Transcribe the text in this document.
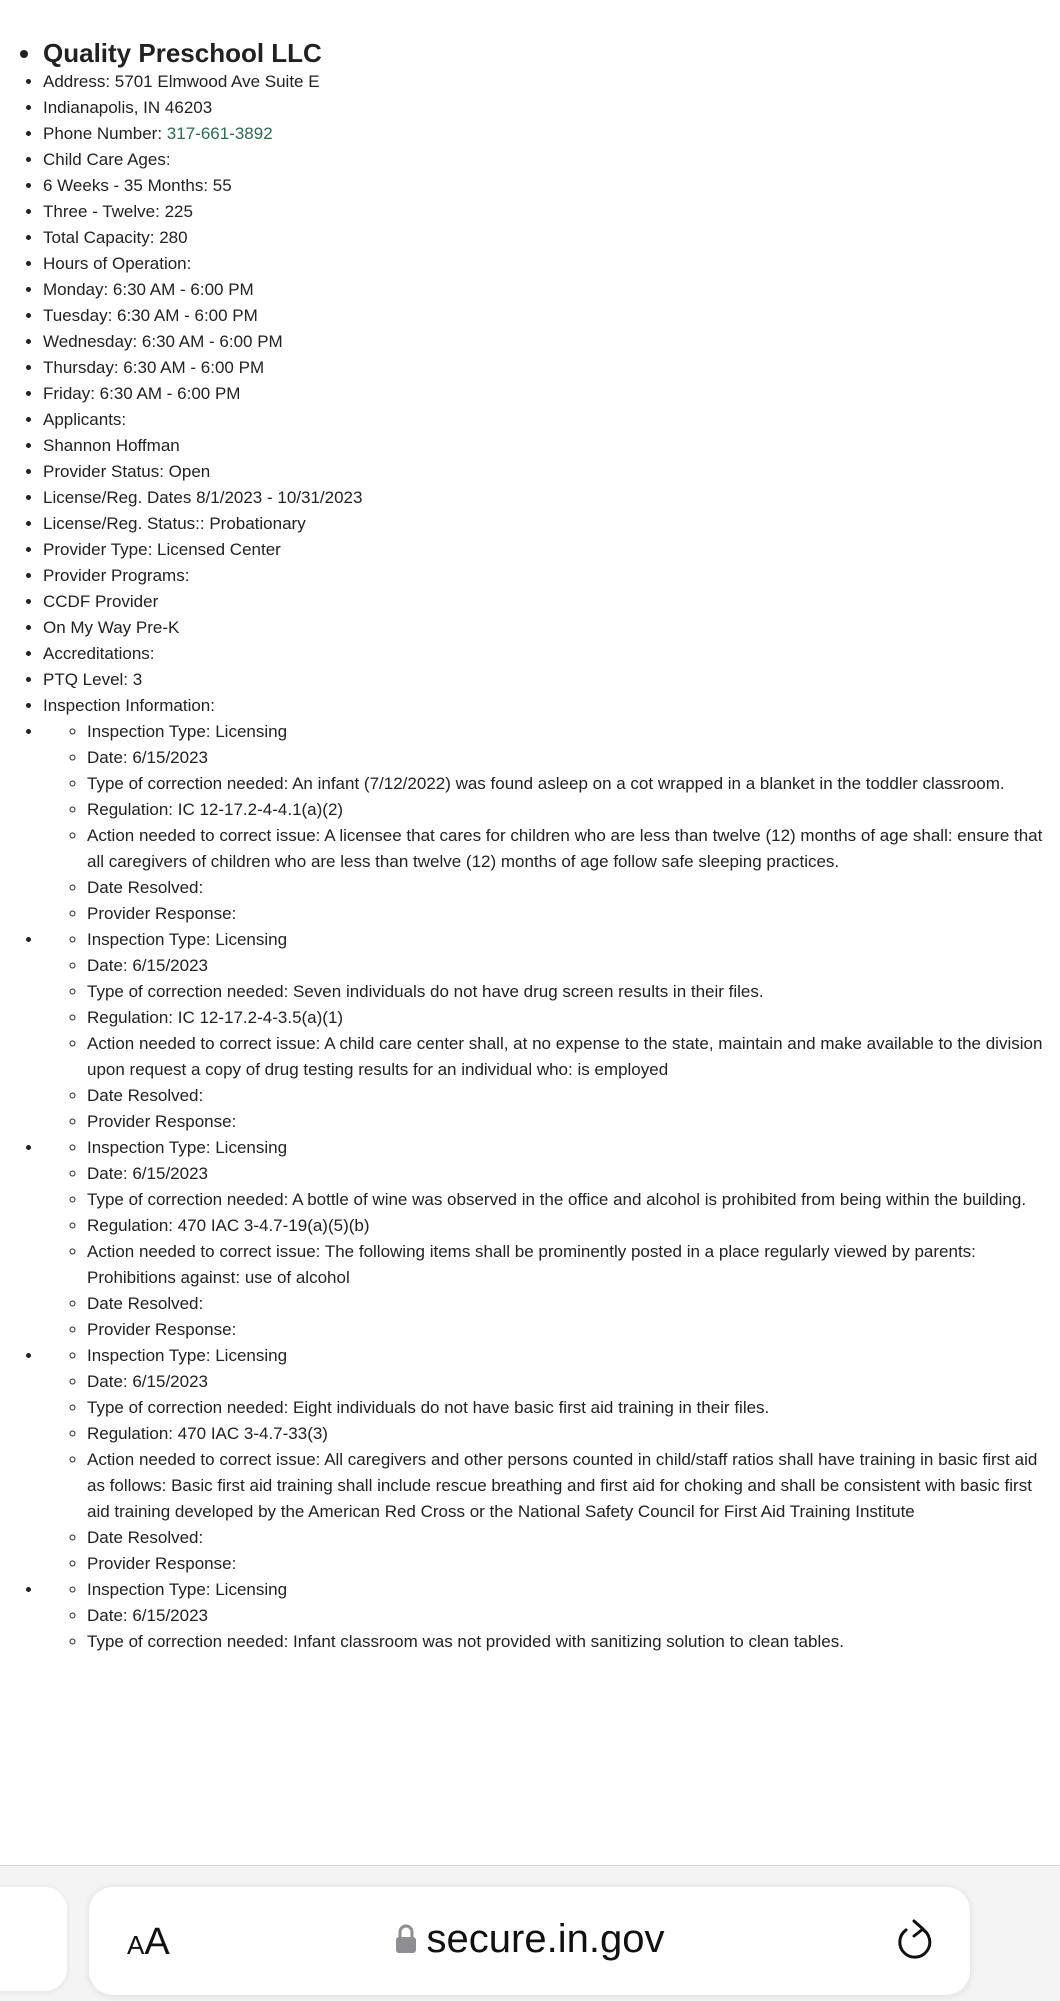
• Quality Preschool LLC
• Address: 5701 Elmwood Ave Suite E
• Indianapolis, IN 46203
• Phone Number: 317-661-3892
• Child Care Ages:
• 6 Weeks - 35 Months: 55
• Three - Twelve: 225
• Total Capacity: 280
• Hours of Operation:
• Monday: 6:30 AM - 6:00 PM
• Tuesday: 6:30 AM - 6:00 PM
• Wednesday: 6:30 AM - 6:00 PM
• Thursday: 6:30 AM - 6:00 PM
• Friday: 6:30 AM - 6:00 PM
• Applicants:
• Shannon Hoffman
• Provider Status: Open
• License/Reg. Dates 8/1/2023 - 10/31/2023
• License/Reg. Status:: Probationary
• Provider Type: Licensed Center
• Provider Programs:
• CCDF Provider
• On My Way Pre-K
• Accreditations:
• PTQ Level: 3
• Inspection Information:
◦ • Inspection Type: Licensing
◦ Date: 6/15/2023
◦ Type of correction needed: An infant (7/12/2022) was found asleep on a cot wrapped in a blanket in the toddler classroom.
◦ Regulation: IC 12-17.2-4-4.1(a)(2)
◦ Action needed to correct issue: A licensee that cares for children who are less than twelve (12) months of age shall: ensure that all caregivers of children who are less than twelve (12) months of age follow safe sleeping practices.
◦ Date Resolved:
◦ Provider Response:
◦ • Inspection Type: Licensing
◦ Date: 6/15/2023
◦ Type of correction needed: Seven individuals do not have drug screen results in their files.
◦ Regulation: IC 12-17.2-4-3.5(a)(1)
◦ Action needed to correct issue: A child care center shall, at no expense to the state, maintain and make available to the division upon request a copy of drug testing results for an individual who: is employed
◦ Date Resolved:
◦ Provider Response:
◦ • Inspection Type: Licensing
◦ Date: 6/15/2023
◦ Type of correction needed: A bottle of wine was observed in the office and alcohol is prohibited from being within the building.
◦ Regulation: 470 IAC 3-4.7-19(a)(5)(b)
◦ Action needed to correct issue: The following items shall be prominently posted in a place regularly viewed by parents: Prohibitions against: use of alcohol
◦ Date Resolved:
◦ Provider Response:
◦ • Inspection Type: Licensing
◦ Date: 6/15/2023
◦ Type of correction needed: Eight individuals do not have basic first aid training in their files.
◦ Regulation: 470 IAC 3-4.7-33(3)
◦ Action needed to correct issue: All caregivers and other persons counted in child/staff ratios shall have training in basic first aid as follows: Basic first aid training shall include rescue breathing and first aid for choking and shall be consistent with basic first aid training developed by the American Red Cross or the National Safety Council for First Aid Training Institute
◦ Date Resolved:
◦ Provider Response:
◦ • Inspection Type: Licensing
◦ Date: 6/15/2023
◦ Type of correction needed: Infant classroom was not provided with sanitizing solution to clean tables.
AA	secure.in.gov
